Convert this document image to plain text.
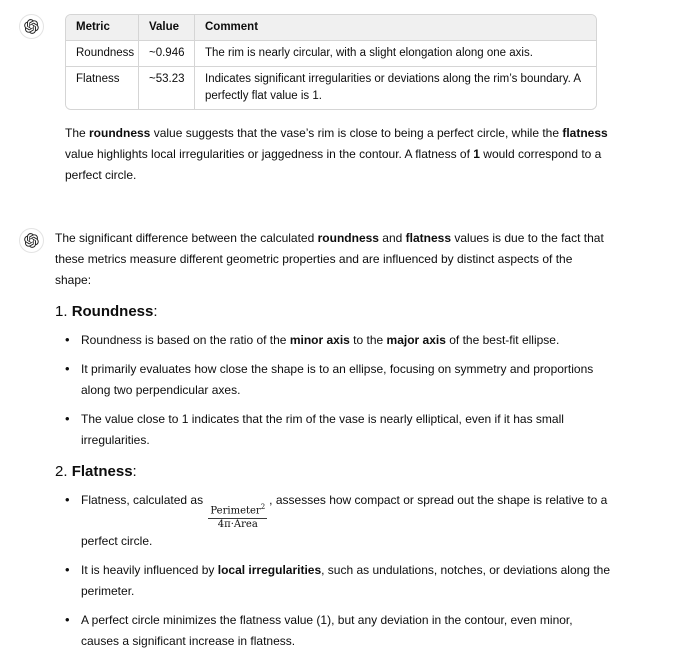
Metric	Value	Comment
Roundness	~0.946	The rim is nearly circular, with a slight elongation along one axis.
Flatness	~53.23	Indicates significant irregularities or deviations along the rim’s boundary. A perfectly flat value is 1.

The roundness value suggests that the vase’s rim is close to being a perfect circle, while the flatness value highlights local irregularities or jaggedness in the contour. A flatness of 1 would correspond to a perfect circle.

The significant difference between the calculated roundness and flatness values is due to the fact that these metrics measure different geometric properties and are influenced by distinct aspects of the shape:

1. Roundness:
• Roundness is based on the ratio of the minor axis to the major axis of the best-fit ellipse.
• It primarily evaluates how close the shape is to an ellipse, focusing on symmetry and proportions along two perpendicular axes.
• The value close to 1 indicates that the rim of the vase is nearly elliptical, even if it has small irregularities.
2. Flatness:
• Flatness, calculated as
$\frac{Perimeter^2}{\text{4π·Area}}$
, assesses how compact or spread out the shape is relative to a perfect circle.
• It is heavily influenced by local irregularities, such as undulations, notches, or deviations along the perimeter.
• A perfect circle minimizes the flatness value (1), but any deviation in the contour, even minor, causes a significant increase in flatness.
